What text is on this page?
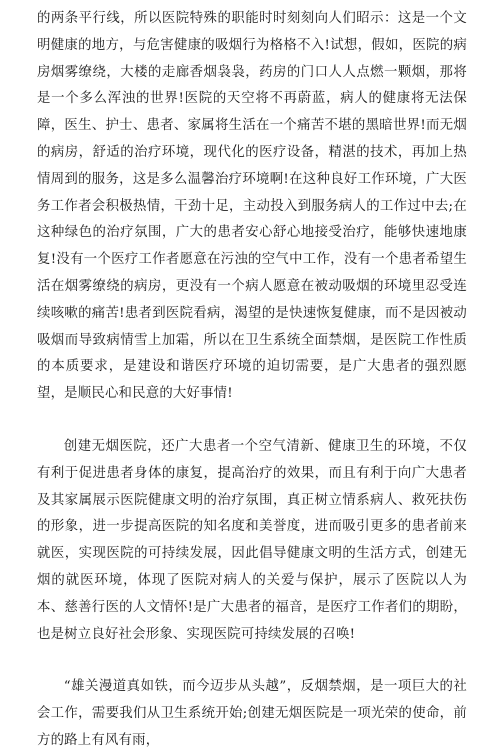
的两条平行线，所以医院特殊的职能时时刻刻向人们昭示：这是一个文明健康的地方，与危害健康的吸烟行为格格不入!试想，假如，医院的病房烟雾缭绕，大楼的走廊香烟袅袅，药房的门口人人点燃一颗烟，那将是一个多么浑浊的世界!医院的天空将不再蔚蓝，病人的健康将无法保障，医生、护士、患者、家属将生活在一个痛苦不堪的黑暗世界!而无烟的病房，舒适的治疗环境，现代化的医疗设备，精湛的技术，再加上热情周到的服务，这是多么温馨治疗环境啊!在这种良好工作环境，广大医务工作者会积极热情，干劲十足，主动投入到服务病人的工作过中去;在这种绿色的治疗氛围，广大的患者安心舒心地接受治疗，能够快速地康复!没有一个医疗工作者愿意在污浊的空气中工作，没有一个患者希望生活在烟雾缭绕的病房，更没有一个病人愿意在被动吸烟的环境里忍受连续咳嗽的痛苦!患者到医院看病，渴望的是快速恢复健康，而不是因被动吸烟而导致病情雪上加霜，所以在卫生系统全面禁烟，是医院工作性质的本质要求，是建设和谐医疗环境的迫切需要，是广大患者的强烈愿望，是顺民心和民意的大好事情!

创建无烟医院，还广大患者一个空气清新、健康卫生的环境，不仅有利于促进患者身体的康复，提高治疗的效果，而且有利于向广大患者及其家属展示医院健康文明的治疗氛围，真正树立情系病人、救死扶伤的形象，进一步提高医院的知名度和美誉度，进而吸引更多的患者前来就医，实现医院的可持续发展，因此倡导健康文明的生活方式，创建无烟的就医环境，体现了医院对病人的关爱与保护，展示了医院以人为本、慈善行医的人文情怀!是广大患者的福音，是医疗工作者们的期盼，也是树立良好社会形象、实现医院可持续发展的召唤!

“雄关漫道真如铁，而今迈步从头越”，反烟禁烟，是一项巨大的社会工作，需要我们从卫生系统开始;创建无烟医院是一项光荣的使命，前方的路上有风有雨，
